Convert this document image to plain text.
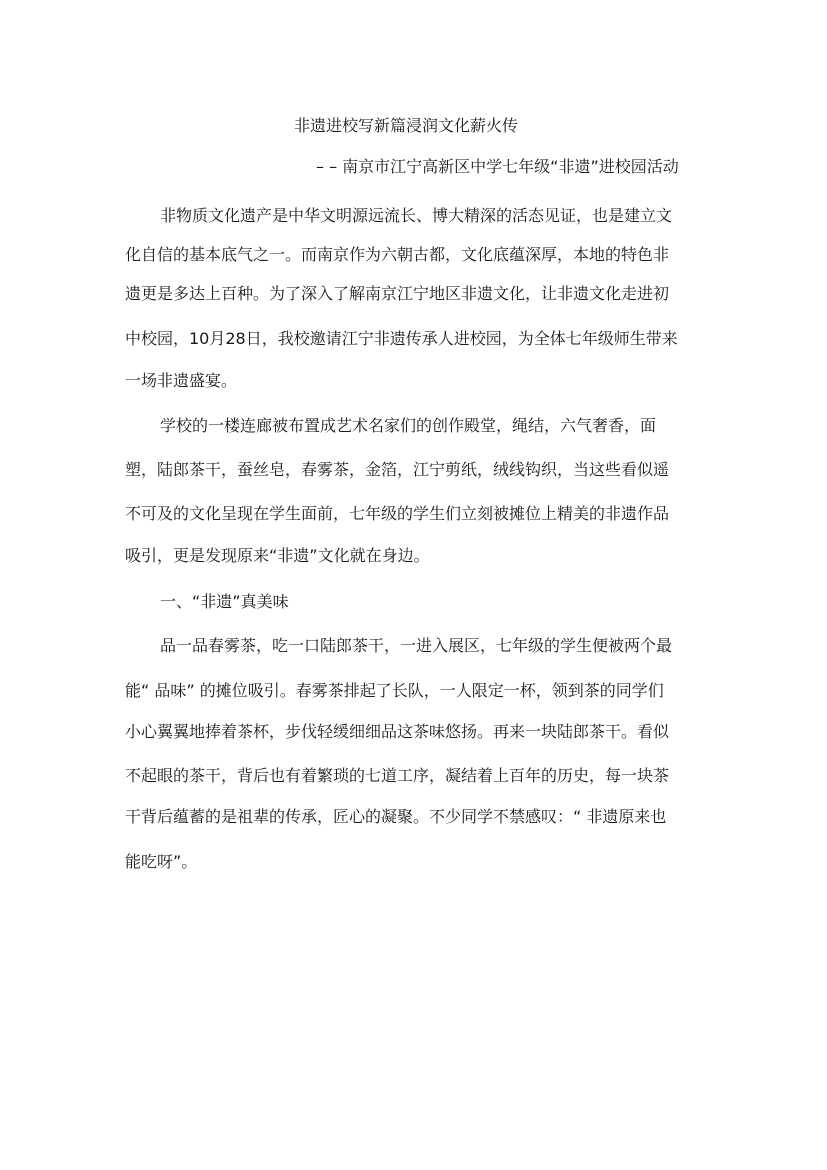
非遗进校写新篇浸润文化薪火传
– – 南京市江宁高新区中学七年级“非遗”进校园活动
非物质文化遗产是中华文明源远流长、博大精深的活态见证，也是建立文
化自信的基本底气之一。而南京作为六朝古都，文化底蕴深厚，本地的特色非
遗更是多达上百种。为了深入了解南京江宁地区非遗文化，让非遗文化走进初
中校园，10月28日，我校邀请江宁非遗传承人进校园，为全体七年级师生带来
一场非遗盛宴。
学校的一楼连廊被布置成艺术名家们的创作殿堂，绳结，六气奢香，面
塑，陆郎茶干，蚕丝皂，春雾茶，金箔，江宁剪纸，绒线钩织，当这些看似遥
不可及的文化呈现在学生面前，七年级的学生们立刻被摊位上精美的非遗作品
吸引，更是发现原来“非遗”文化就在身边。
一、“非遗”真美味
品一品春雾茶，吃一口陆郎茶干，一进入展区，七年级的学生便被两个最
能“ 品味” 的摊位吸引。春雾茶排起了长队，一人限定一杯，领到茶的同学们
小心翼翼地捧着茶杯，步伐轻缓细细品这茶味悠扬。再来一块陆郎茶干。看似
不起眼的茶干，背后也有着繁琐的七道工序，凝结着上百年的历史，每一块茶
干背后蕴蓄的是祖辈的传承，匠心的凝聚。不少同学不禁感叹：“ 非遗原来也
能吃呀”。
